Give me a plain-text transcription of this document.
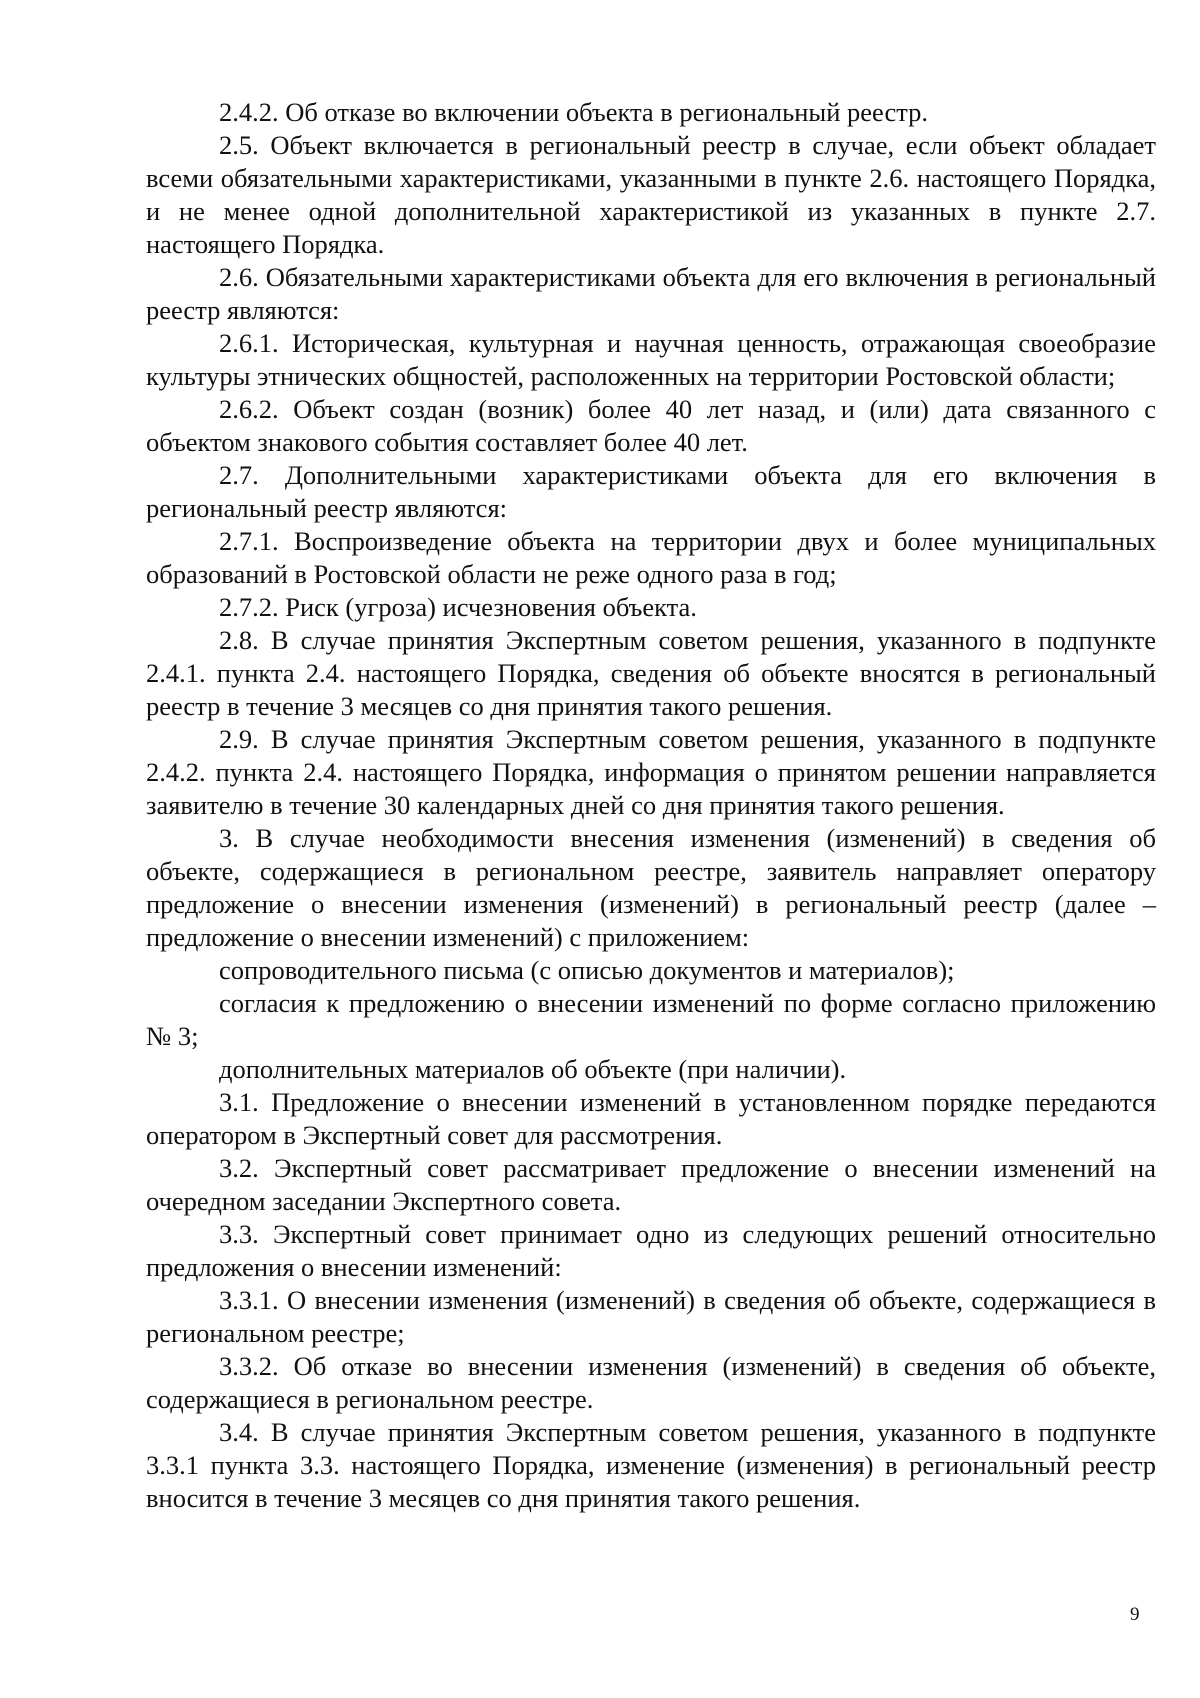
2.4.2. Об отказе во включении объекта в региональный реестр.

2.5. Объект включается в региональный реестр в случае, если объект обладает всеми обязательными характеристиками, указанными в пункте 2.6. настоящего Порядка, и не менее одной дополнительной характеристикой из указанных в пункте 2.7. настоящего Порядка.

2.6. Обязательными характеристиками объекта для его включения в региональный реестр являются:

2.6.1. Историческая, культурная и научная ценность, отражающая своеобразие культуры этнических общностей, расположенных на территории Ростовской области;

2.6.2. Объект создан (возник) более 40 лет назад, и (или) дата связанного с объектом знакового события составляет более 40 лет.

2.7. Дополнительными характеристиками объекта для его включения в региональный реестр являются:

2.7.1. Воспроизведение объекта на территории двух и более муниципальных образований в Ростовской области не реже одного раза в год;

2.7.2. Риск (угроза) исчезновения объекта.

2.8. В случае принятия Экспертным советом решения, указанного в подпункте 2.4.1. пункта 2.4. настоящего Порядка, сведения об объекте вносятся в региональный реестр в течение 3 месяцев со дня принятия такого решения.

2.9. В случае принятия Экспертным советом решения, указанного в подпункте 2.4.2. пункта 2.4. настоящего Порядка, информация о принятом решении направляется заявителю в течение 30 календарных дней со дня принятия такого решения.

3. В случае необходимости внесения изменения (изменений) в сведения об объекте, содержащиеся в региональном реестре, заявитель направляет оператору предложение о внесении изменения (изменений) в региональный реестр (далее – предложение о внесении изменений) с приложением:

сопроводительного письма (с описью документов и материалов);

согласия к предложению о внесении изменений по форме согласно приложению № 3;

дополнительных материалов об объекте (при наличии).

3.1. Предложение о внесении изменений в установленном порядке передаются оператором в Экспертный совет для рассмотрения.

3.2. Экспертный совет рассматривает предложение о внесении изменений на очередном заседании Экспертного совета.

3.3. Экспертный совет принимает одно из следующих решений относительно предложения о внесении изменений:

3.3.1. О внесении изменения (изменений) в сведения об объекте, содержащиеся в региональном реестре;

3.3.2. Об отказе во внесении изменения (изменений) в сведения об объекте, содержащиеся в региональном реестре.

3.4. В случае принятия Экспертным советом решения, указанного в подпункте 3.3.1 пункта 3.3. настоящего Порядка, изменение (изменения) в региональный реестр вносится в течение 3 месяцев со дня принятия такого решения.

9
